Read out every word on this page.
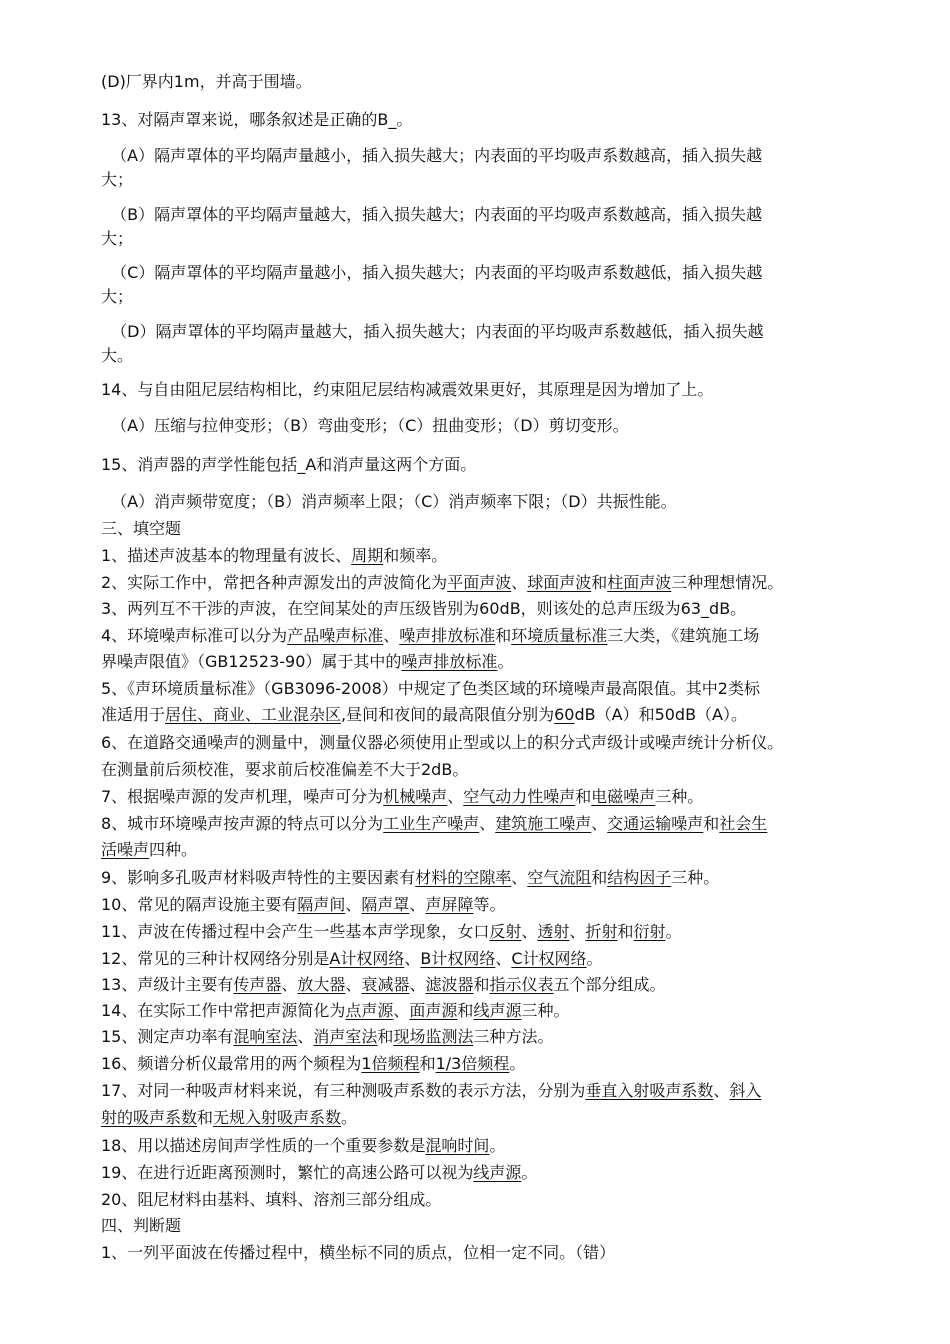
(D)厂界内1m，并高于围墙。
13、对隔声罩来说，哪条叙述是正确的B_。
（A）隔声罩体的平均隔声量越小，插入损失越大；内表面的平均吸声系数越高，插入损失越
大；
（B）隔声罩体的平均隔声量越大，插入损失越大；内表面的平均吸声系数越高，插入损失越
大；
（C）隔声罩体的平均隔声量越小，插入损失越大；内表面的平均吸声系数越低，插入损失越
大；
（D）隔声罩体的平均隔声量越大，插入损失越大；内表面的平均吸声系数越低，插入损失越
大。
14、与自由阻尼层结构相比，约束阻尼层结构减震效果更好，其原理是因为增加了上。
（A）压缩与拉伸变形；（B）弯曲变形；（C）扭曲变形；（D）剪切变形。
15、消声器的声学性能包括_A和消声量这两个方面。
（A）消声频带宽度；（B）消声频率上限；（C）消声频率下限；（D）共振性能。
三、填空题
1、描述声波基本的物理量有波长、周期和频率。
2、实际工作中，常把各种声源发出的声波简化为平面声波、球面声波和柱面声波三种理想情况。
3、两列互不干涉的声波，在空间某处的声压级皆别为60dB，则该处的总声压级为63_dB。
4、环境噪声标准可以分为产品噪声标准、噪声排放标准和环境质量标准三大类，《建筑施工场
界噪声限值》（GB12523-90）属于其中的噪声排放标准。
5、《声环境质量标准》（GB3096-2008）中规定了色类区域的环境噪声最高限值。其中2类标
准适用于居住、商业、工业混杂区,昼间和夜间的最高限值分别为60dB（A）和50dB（A）。
6、在道路交通噪声的测量中，测量仪器必须使用止型或以上的积分式声级计或噪声统计分析仪。
在测量前后须校准，要求前后校准偏差不大于2dB。
7、根据噪声源的发声机理，噪声可分为机械噪声、空气动力性噪声和电磁噪声三种。
8、城市环境噪声按声源的特点可以分为工业生产噪声、建筑施工噪声、交通运输噪声和社会生
活噪声四种。
9、影响多孔吸声材料吸声特性的主要因素有材料的空隙率、空气流阻和结构因子三种。
10、常见的隔声设施主要有隔声间、隔声罩、声屏障等。
11、声波在传播过程中会产生一些基本声学现象，女口反射、透射、折射和衍射。
12、常见的三种计权网络分别是A计权网络、B计权网络、C计权网络。
13、声级计主要有传声器、放大器、衰减器、滤波器和指示仪表五个部分组成。
14、在实际工作中常把声源简化为点声源、面声源和线声源三种。
15、测定声功率有混响室法、消声室法和现场监测法三种方法。
16、频谱分析仪最常用的两个频程为1倍频程和1/3倍频程。
17、对同一种吸声材料来说，有三种测吸声系数的表示方法，分别为垂直入射吸声系数、斜入
射的吸声系数和无规入射吸声系数。
18、用以描述房间声学性质的一个重要参数是混响时间。
19、在进行近距离预测时，繁忙的高速公路可以视为线声源。
20、阻尼材料由基料、填料、溶剂三部分组成。
四、判断题
1、一列平面波在传播过程中，横坐标不同的质点，位相一定不同。（错）
